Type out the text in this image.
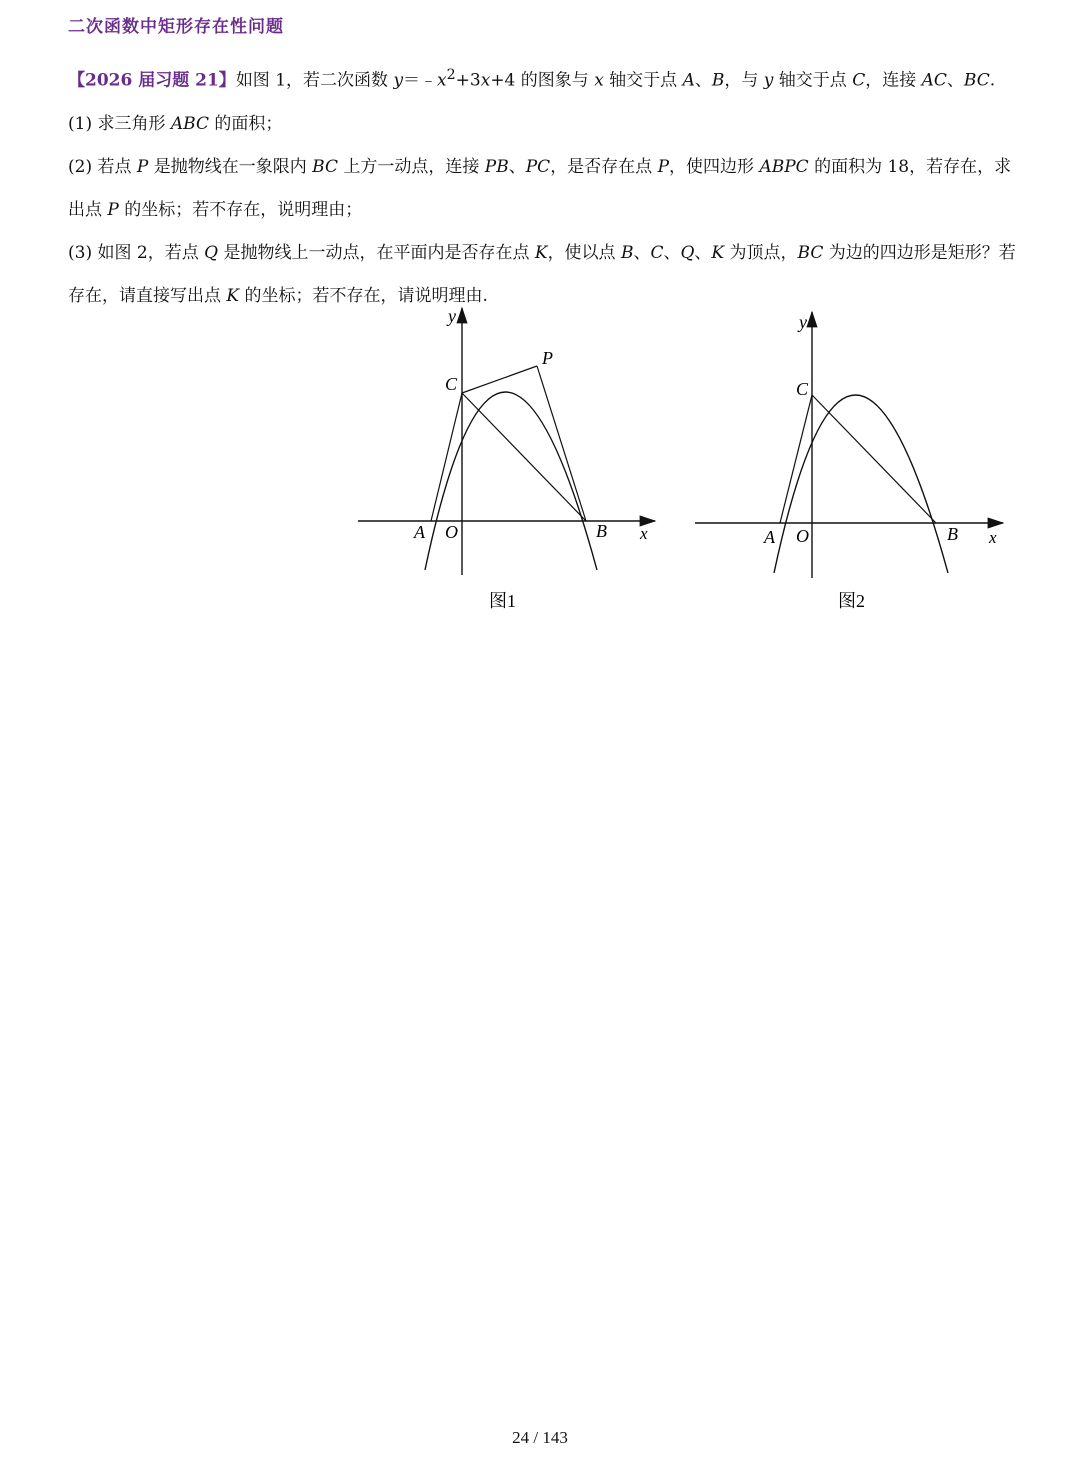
二次函数中矩形存在性问题

【2026 届习题 21】如图 1，若二次函数 $y=﹣x^2+3x+4$ 的图象与 x 轴交于点 A、B，与 y 轴交于点 C，连接 AC、BC.

(1) 求三角形 ABC 的面积；

(2) 若点 P 是抛物线在一象限内 BC 上方一动点，连接 PB、PC，是否存在点 P，使四边形 ABPC 的面积为 18，若存在，求出点 P 的坐标；若不存在，说明理由；

(3) 如图 2，若点 Q 是抛物线上一动点，在平面内是否存在点 K，使以点 B、C、Q、K 为顶点，BC 为边的四边形是矩形？若存在，请直接写出点 K 的坐标；若不存在，请说明理由.

y
x
C
P
A O	B
图1
y
x
C
A O	B
图2
24 / 143
